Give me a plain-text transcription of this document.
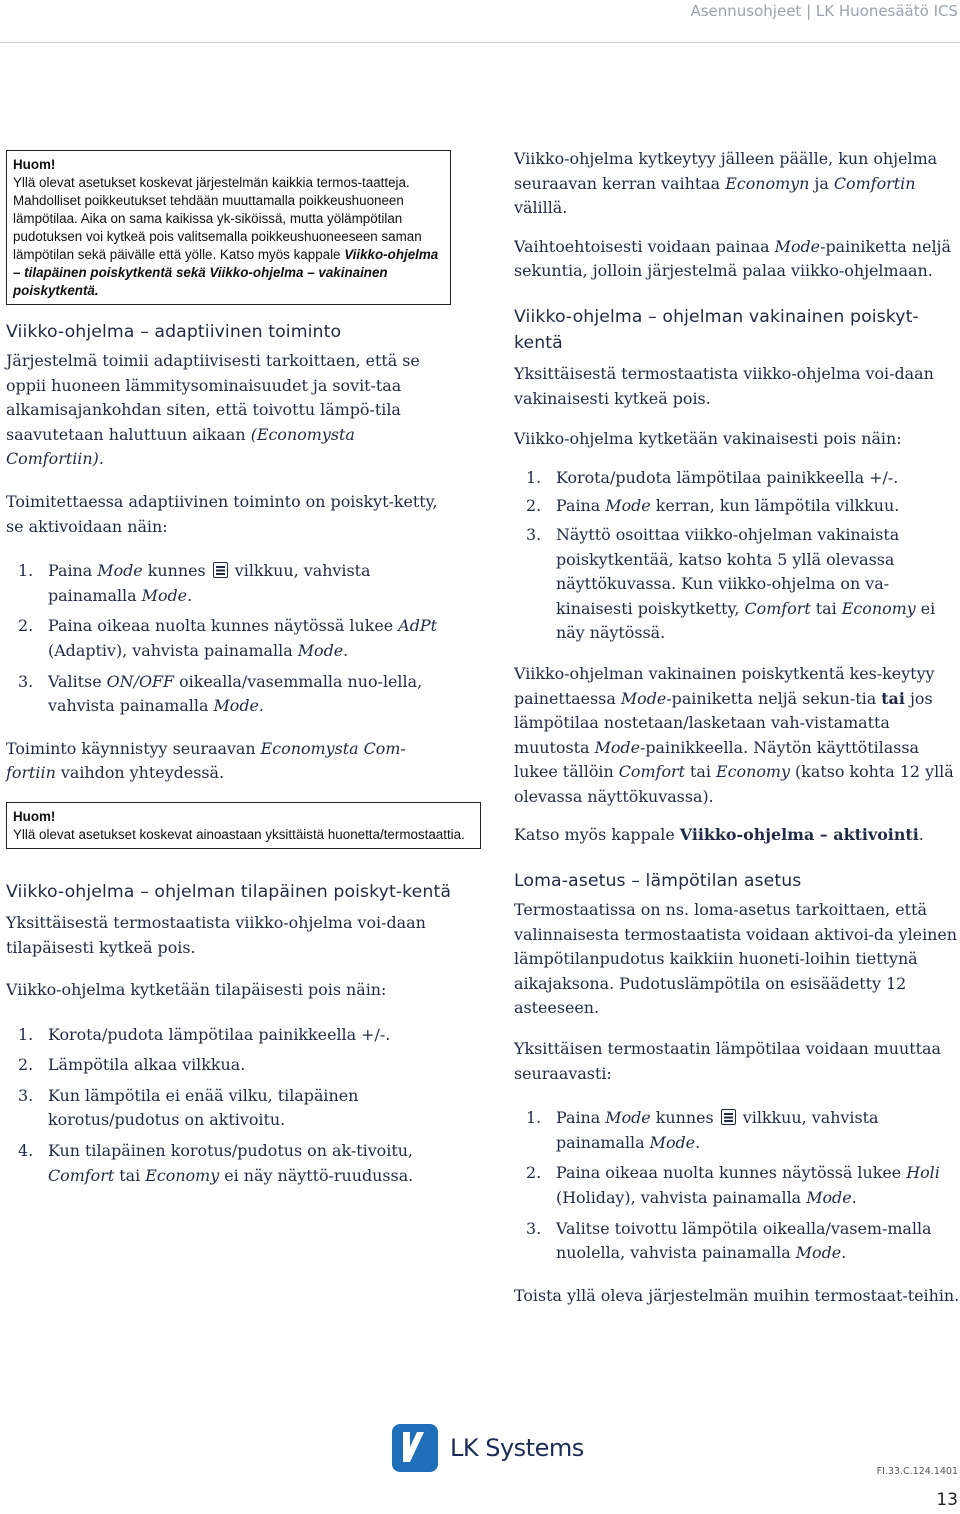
Asennusohjeet | LK Huonesäätö ICS
Huom!
Yllä olevat asetukset koskevat järjestelmän kaikkia termos-taatteja. Mahdolliset poikkeutukset tehdään muuttamalla poikkeushuoneen lämpötilaa. Aika on sama kaikissa yk-siköissä, mutta yölämpötilan pudotuksen voi kytkeä pois valitsemalla poikkeushuoneeseen saman lämpötilan sekä päivälle että yölle. Katso myös kappale Viikko-ohjelma – tilapäinen poiskytkentä sekä Viikko-ohjelma – vakinainen poiskytkentä.
Viikko-ohjelma – adaptiivinen toiminto

Järjestelmä toimii adaptiivisesti tarkoittaen, että se oppii huoneen lämmitysominaisuudet ja sovit-taa alkamisajankohdan siten, että toivottu lämpö-tila saavutetaan haluttuun aikaan (Economysta Comfortiin).

Toimitettaessa adaptiivinen toiminto on poiskyt-ketty, se aktivoidaan näin:

1. Paina Mode kunnes  vilkkuu, vahvista painamalla Mode.
2. Paina oikeaa nuolta kunnes näytössä lukee AdPt (Adaptiv), vahvista painamalla Mode.
3. Valitse ON/OFF oikealla/vasemmalla nuo-lella, vahvista painamalla Mode.

Toiminto käynnistyy seuraavan Economysta Com-fortiin vaihdon yhteydessä.

Huom!
Yllä olevat asetukset koskevat ainoastaan yksittäistä huonetta/termostaattia.
Viikko-ohjelma – ohjelman tilapäinen poiskyt-kentä

Yksittäisestä termostaatista viikko-ohjelma voi-daan tilapäisesti kytkeä pois.

Viikko-ohjelma kytketään tilapäisesti pois näin:

1. Korota/pudota lämpötilaa painikkeella +/-.
2. Lämpötila alkaa vilkkua.
3. Kun lämpötila ei enää vilku, tilapäinen korotus/pudotus on aktivoitu.
4. Kun tilapäinen korotus/pudotus on ak-tivoitu, Comfort tai Economy ei näy näyttö-ruudussa.

Viikko-ohjelma kytkeytyy jälleen päälle, kun ohjelma seuraavan kerran vaihtaa Economyn ja Comfortin välillä.

Vaihtoehtoisesti voidaan painaa Mode-painiketta neljä sekuntia, jolloin järjestelmä palaa viikko-ohjelmaan.

Viikko-ohjelma – ohjelman vakinainen poiskyt-kentä

Yksittäisestä termostaatista viikko-ohjelma voi-daan vakinaisesti kytkeä pois.

Viikko-ohjelma kytketään vakinaisesti pois näin:

1. Korota/pudota lämpötilaa painikkeella +/-.
2. Paina Mode kerran, kun lämpötila vilkkuu.
3. Näyttö osoittaa viikko-ohjelman vakinaista poiskytkentää, katso kohta 5 yllä olevassa näyttökuvassa. Kun viikko-ohjelma on va-kinaisesti poiskytketty, Comfort tai Economy ei näy näytössä.

Viikko-ohjelman vakinainen poiskytkentä kes-keytyy painettaessa Mode-painiketta neljä sekun-tia tai jos lämpötilaa nostetaan/lasketaan vah-vistamatta muutosta Mode-painikkeella. Näytön käyttötilassa lukee tällöin Comfort tai Economy (katso kohta 12 yllä olevassa näyttökuvassa).

Katso myös kappale Viikko-ohjelma – aktivointi.

Loma-asetus – lämpötilan asetus

Termostaatissa on ns. loma-asetus tarkoittaen, että valinnaisesta termostaatista voidaan aktivoi-da yleinen lämpötilanpudotus kaikkiin huoneti-loihin tiettynä aikajaksona. Pudotuslämpötila on esisäädetty 12 asteeseen.

Yksittäisen termostaatin lämpötilaa voidaan muuttaa seuraavasti:

1. Paina Mode kunnes  vilkkuu, vahvista painamalla Mode.
2. Paina oikeaa nuolta kunnes näytössä lukee Holi (Holiday), vahvista painamalla Mode.
3. Valitse toivottu lämpötila oikealla/vasem-malla nuolella, vahvista painamalla Mode.

Toista yllä oleva järjestelmän muihin termostaat-teihin.

LK Systems
FI.33.C.124.1401
13
